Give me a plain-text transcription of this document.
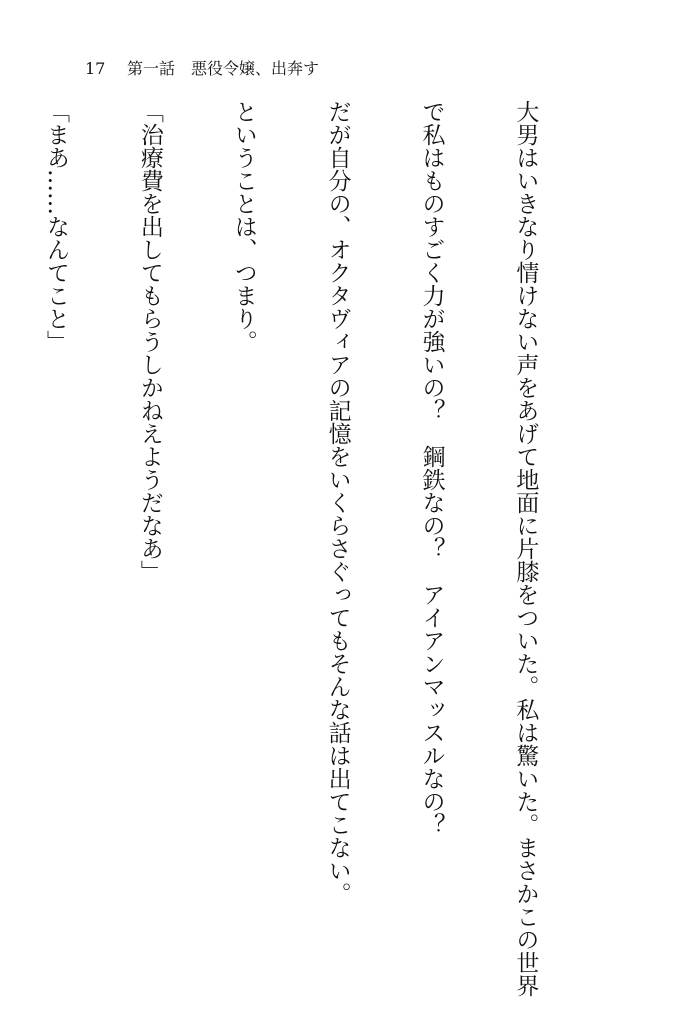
17 第一話　悪役令嬢、出奔す

大男はいきなり情けない声をあげて地面に片膝をついた。私は驚いた。まさかこの世界

で私はものすごく力が強いの？　鋼鉄なの？　アイアンマッスルなの？

だが自分の、オクタヴィアの記憶をいくらさぐってもそんな話は出てこない。

ということは、つまり。

「治療費を出してもらうしかねえようだなあ」

「まあ……なんてこと」
